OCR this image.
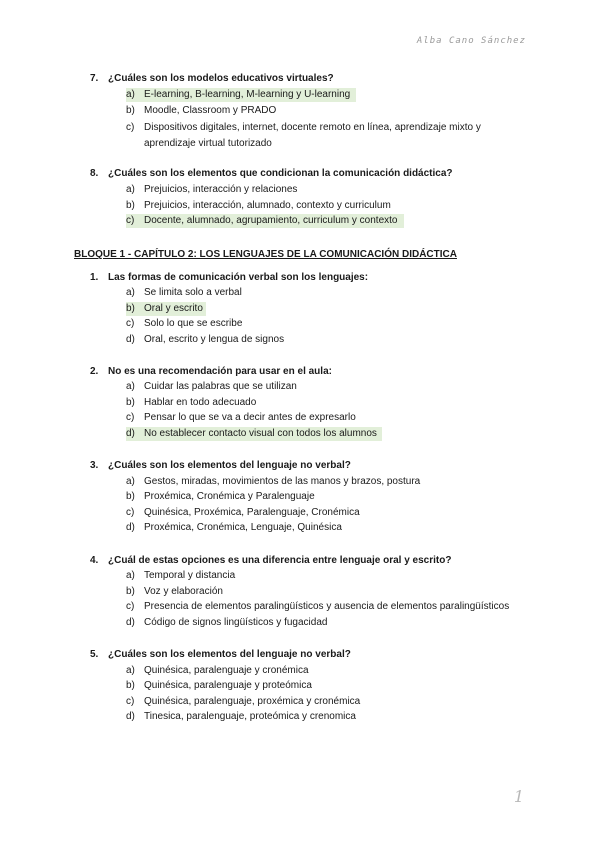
Alba Cano Sánchez
7. ¿Cuáles son los modelos educativos virtuales?
a) E-learning, B-learning, M-learning y U-learning
b) Moodle, Classroom y PRADO
c) Dispositivos digitales, internet, docente remoto en línea, aprendizaje mixto y aprendizaje virtual tutorizado
8. ¿Cuáles son los elementos que condicionan la comunicación didáctica?
a) Prejuicios, interacción y relaciones
b) Prejuicios, interacción, alumnado, contexto y curriculum
c) Docente, alumnado, agrupamiento, curriculum y contexto
BLOQUE 1 - CAPÍTULO 2: LOS LENGUAJES DE LA COMUNICACIÓN DIDÁCTICA
1. Las formas de comunicación verbal son los lenguajes:
a) Se limita solo a verbal
b) Oral y escrito
c) Solo lo que se escribe
d) Oral, escrito y lengua de signos
2. No es una recomendación para usar en el aula:
a) Cuidar las palabras que se utilizan
b) Hablar en todo adecuado
c) Pensar lo que se va a decir antes de expresarlo
d) No establecer contacto visual con todos los alumnos
3. ¿Cuáles son los elementos del lenguaje no verbal?
a) Gestos, miradas, movimientos de las manos y brazos, postura
b) Proxémica, Cronémica y Paralenguaje
c) Quinésica, Proxémica, Paralenguaje, Cronémica
d) Proxémica, Cronémica, Lenguaje, Quinésica
4. ¿Cuál de estas opciones es una diferencia entre lenguaje oral y escrito?
a) Temporal y distancia
b) Voz y elaboración
c) Presencia de elementos paralingüísticos y ausencia de elementos paralingüísticos
d) Código de signos lingüísticos y fugacidad
5. ¿Cuáles son los elementos del lenguaje no verbal?
a) Quinésica, paralenguaje y cronémica
b) Quinésica, paralenguaje y proteómica
c) Quinésica, paralenguaje, proxémica y cronémica
d) Tinesica, paralenguaje, proteómica y crenomica
1
